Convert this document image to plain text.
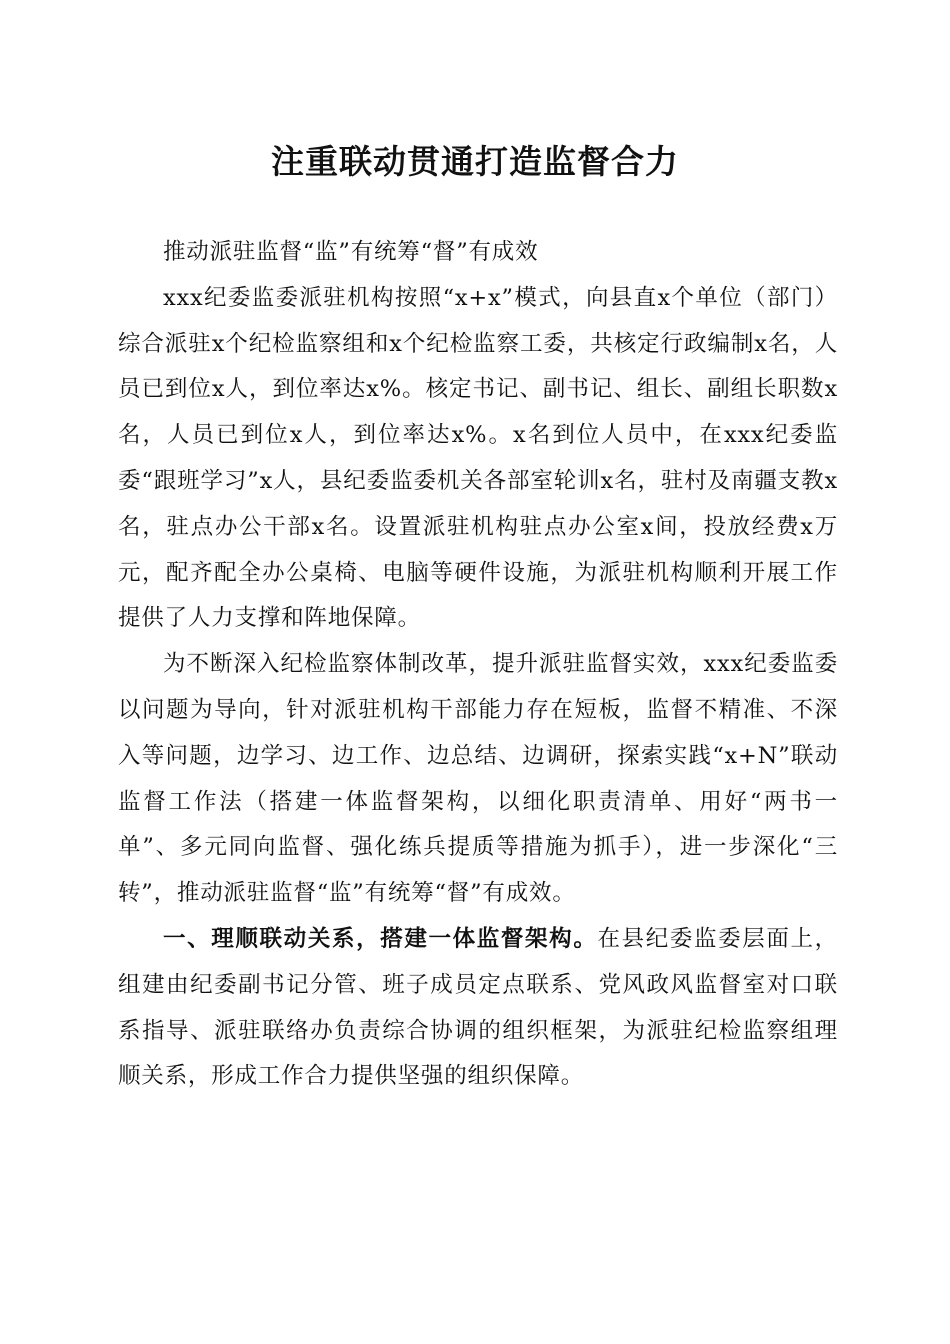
注重联动贯通打造监督合力

推动派驻监督“监”有统筹“督”有成效

xxx纪委监委派驻机构按照“x+x”模式，向县直x个单位（部门）综合派驻x个纪检监察组和x个纪检监察工委，共核定行政编制x名，人员已到位x人，到位率达x%。核定书记、副书记、组长、副组长职数x名，人员已到位x人，到位率达x%。x名到位人员中，在xxx纪委监委“跟班学习”x人，县纪委监委机关各部室轮训x名，驻村及南疆支教x名，驻点办公干部x名。设置派驻机构驻点办公室x间，投放经费x万元，配齐配全办公桌椅、电脑等硬件设施，为派驻机构顺利开展工作提供了人力支撑和阵地保障。

为不断深入纪检监察体制改革，提升派驻监督实效，xxx纪委监委以问题为导向，针对派驻机构干部能力存在短板，监督不精准、不深入等问题，边学习、边工作、边总结、边调研，探索实践“x+N”联动监督工作法（搭建一体监督架构，以细化职责清单、用好“两书一单”、多元同向监督、强化练兵提质等措施为抓手），进一步深化“三转”，推动派驻监督“监”有统筹“督”有成效。

一、理顺联动关系，搭建一体监督架构。在县纪委监委层面上，组建由纪委副书记分管、班子成员定点联系、党风政风监督室对口联系指导、派驻联络办负责综合协调的组织框架，为派驻纪检监察组理顺关系，形成工作合力提供坚强的组织保障。
